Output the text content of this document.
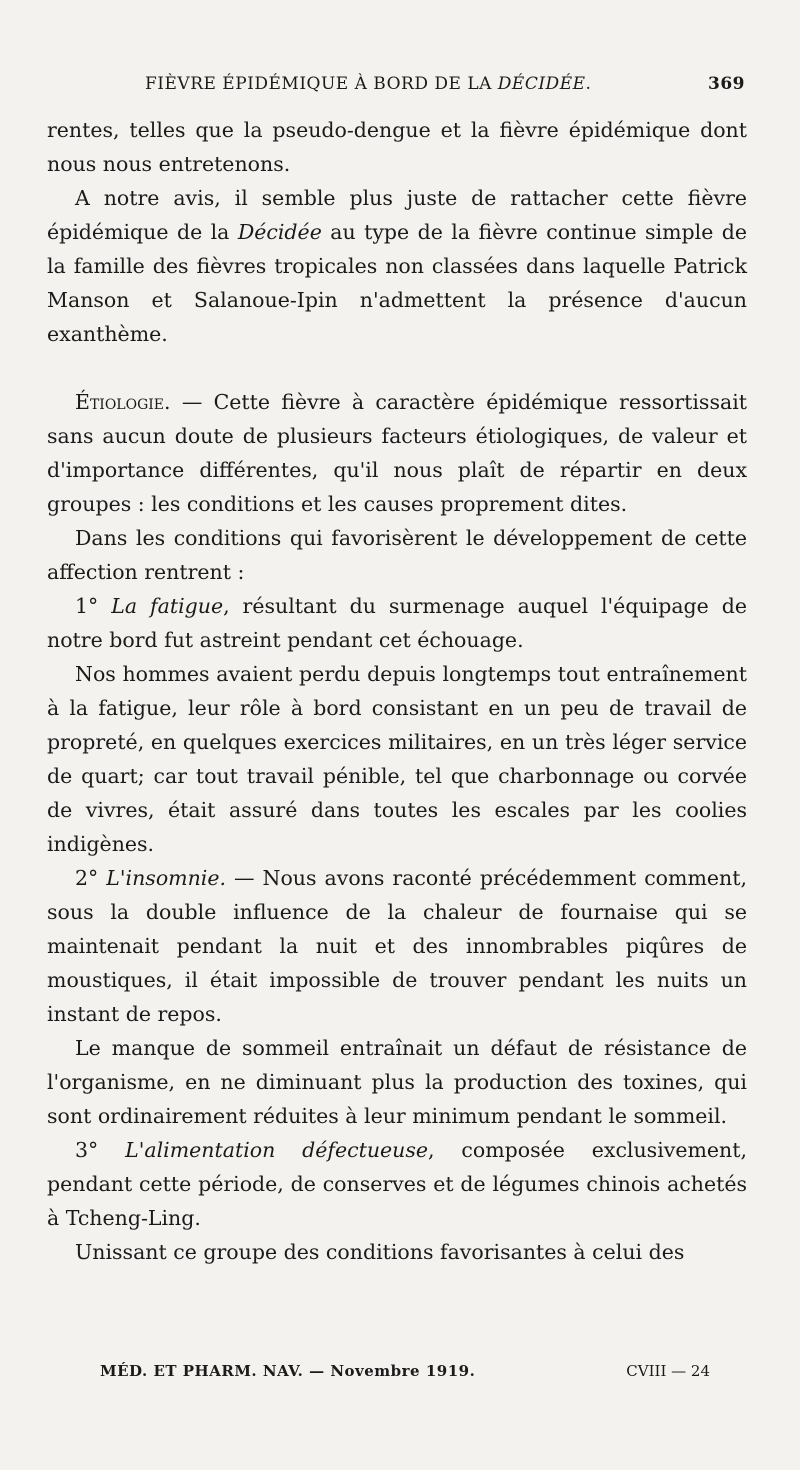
FIÈVRE ÉPIDÉMIQUE À BORD DE LA DÉCIDÉE.	369

rentes, telles que la pseudo-dengue et la fièvre épidémique dont nous nous entretenons.

A notre avis, il semble plus juste de rattacher cette fièvre épidémique de la Décidée au type de la fièvre continue simple de la famille des fièvres tropicales non classées dans laquelle Patrick Manson et Salanoue-Ipin n'admettent la présence d'aucun exanthème.

Étiologie. — Cette fièvre à caractère épidémique ressortissait sans aucun doute de plusieurs facteurs étiologiques, de valeur et d'importance différentes, qu'il nous plaît de répartir en deux groupes : les conditions et les causes proprement dites.

Dans les conditions qui favorisèrent le développement de cette affection rentrent :

1° La fatigue, résultant du surmenage auquel l'équipage de notre bord fut astreint pendant cet échouage.

Nos hommes avaient perdu depuis longtemps tout entraînement à la fatigue, leur rôle à bord consistant en un peu de travail de propreté, en quelques exercices militaires, en un très léger service de quart; car tout travail pénible, tel que charbonnage ou corvée de vivres, était assuré dans toutes les escales par les coolies indigènes.

2° L'insomnie. — Nous avons raconté précédemment comment, sous la double influence de la chaleur de fournaise qui se maintenait pendant la nuit et des innombrables piqûres de moustiques, il était impossible de trouver pendant les nuits un instant de repos.

Le manque de sommeil entraînait un défaut de résistance de l'organisme, en ne diminuant plus la production des toxines, qui sont ordinairement réduites à leur minimum pendant le sommeil.

3° L'alimentation défectueuse, composée exclusivement, pendant cette période, de conserves et de légumes chinois achetés à Tcheng-Ling.

Unissant ce groupe des conditions favorisantes à celui des

MÉD. ET PHARM. NAV. — Novembre 1919.	CVIII — 24
